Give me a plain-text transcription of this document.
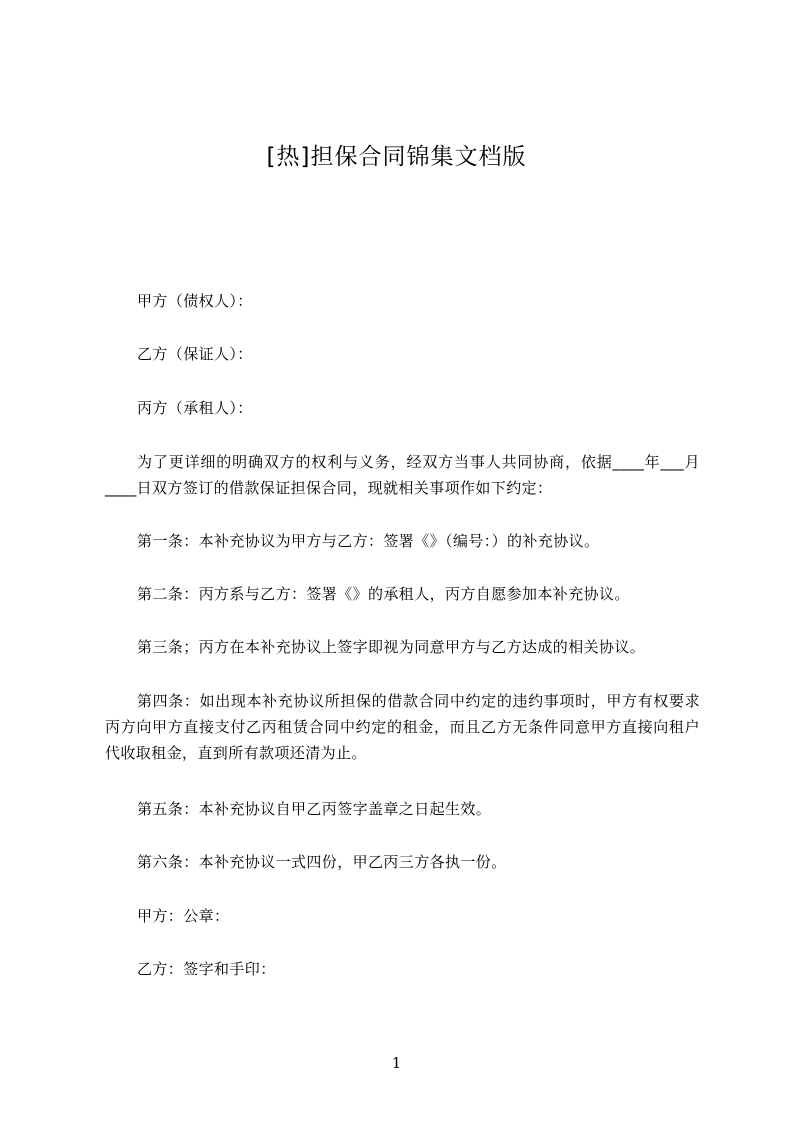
[热]担保合同锦集文档版
甲方（债权人）：
乙方（保证人）：
丙方（承租人）：
为了更详细的明确双方的权利与义务，经双方当事人共同协商，依据____年___月____日双方签订的借款保证担保合同，现就相关事项作如下约定：
第一条：本补充协议为甲方与乙方：签署《》（编号：）的补充协议。
第二条：丙方系与乙方：签署《》的承租人，丙方自愿参加本补充协议。
第三条；丙方在本补充协议上签字即视为同意甲方与乙方达成的相关协议。
第四条：如出现本补充协议所担保的借款合同中约定的违约事项时，甲方有权要求丙方向甲方直接支付乙丙租赁合同中约定的租金，而且乙方无条件同意甲方直接向租户代收取租金，直到所有款项还清为止。
第五条：本补充协议自甲乙丙签字盖章之日起生效。
第六条：本补充协议一式四份，甲乙丙三方各执一份。
甲方：公章：
乙方：签字和手印：
1
